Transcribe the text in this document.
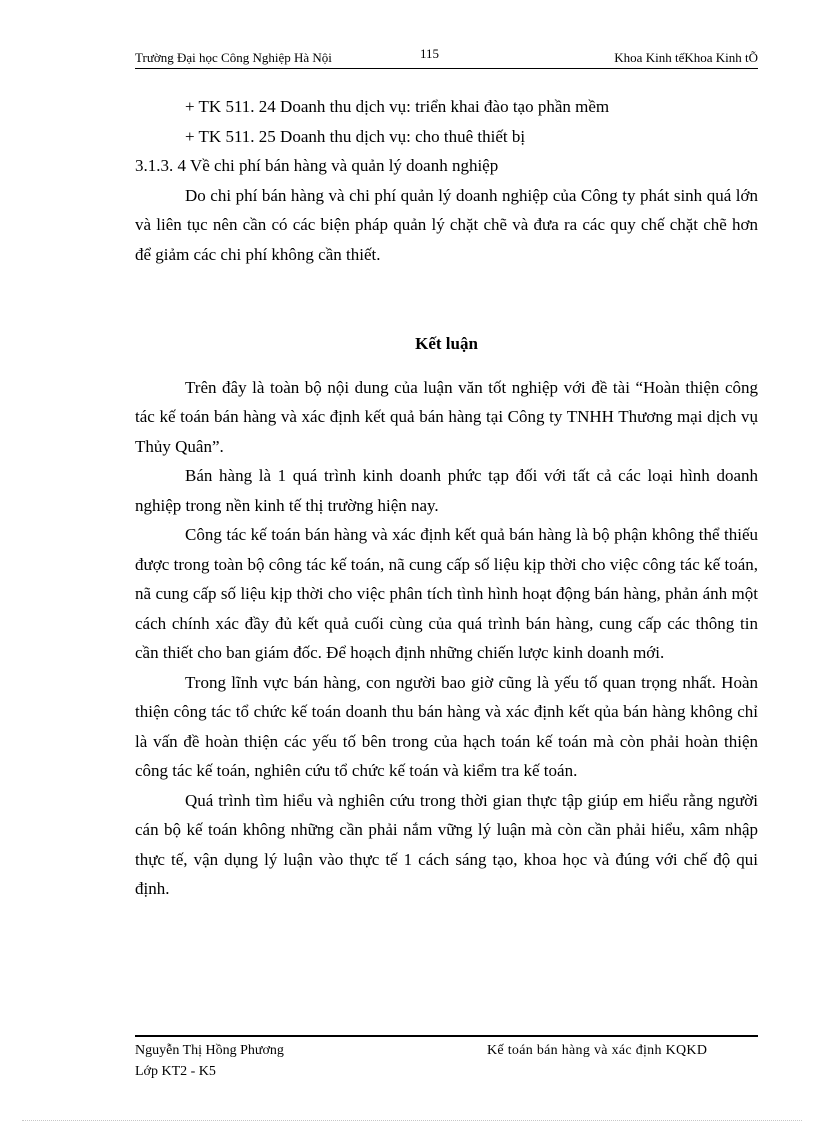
Trường Đại học Công Nghiệp Hà Nội	115	Khoa Kinh tếKhoa Kinh tÕ

+ TK 511. 24 Doanh thu dịch vụ: triển khai đào tạo phần mềm

+ TK 511. 25 Doanh thu dịch vụ: cho thuê thiết bị

3.1.3. 4 Về chi phí bán hàng và quản lý doanh nghiệp

Do chi phí bán hàng và chi phí quản lý doanh nghiệp của Công ty phát sinh quá lớn và liên tục nên cần có các biện pháp quản lý chặt chẽ và đưa ra các quy chế chặt chẽ hơn để giảm các chi phí không cần thiết.

Kết luận

Trên đây là toàn bộ nội dung của luận văn tốt nghiệp với đề tài “Hoàn thiện công tác kế toán bán hàng và xác định kết quả bán hàng tại Công ty TNHH Thương mại dịch vụ Thủy Quân”.

Bán hàng là 1 quá trình kinh doanh phức tạp đối với tất cả các loại hình doanh nghiệp trong nền kinh tế thị trường hiện nay.

Công tác kế toán bán hàng và xác định kết quả bán hàng là bộ phận không thể thiếu được trong toàn bộ công tác kế toán, nã cung cấp số liệu kịp thời cho việc công tác kế toán, nã cung cấp số liệu kịp thời cho việc phân tích tình hình hoạt động bán hàng, phản ánh một cách chính xác đầy đủ kết quả cuối cùng của quá trình bán hàng, cung cấp các thông tin cần thiết cho ban giám đốc. Để hoạch định những chiến lược kinh doanh mới.

Trong lĩnh vực bán hàng, con người bao giờ cũng là yếu tố quan trọng nhất. Hoàn thiện công tác tổ chức kế toán doanh thu bán hàng và xác định kết qủa bán hàng không chỉ là vấn đề hoàn thiện các yếu tố bên trong của hạch toán kế toán mà còn phải hoàn thiện công tác kế toán, nghiên cứu tổ chức kế toán và kiểm tra kế toán.

Quá trình tìm hiểu và nghiên cứu trong thời gian thực tập giúp em hiểu rằng người cán bộ kế toán không những cần phải nắm vững lý luận mà còn cần phải hiểu, xâm nhập thực tế, vận dụng lý luận vào thực tế 1 cách sáng tạo, khoa học và đúng với chế độ qui định.

Nguyễn Thị Hồng Phương
Lớp KT2 - K5
Kế toán bán hàng và xác định KQKD
